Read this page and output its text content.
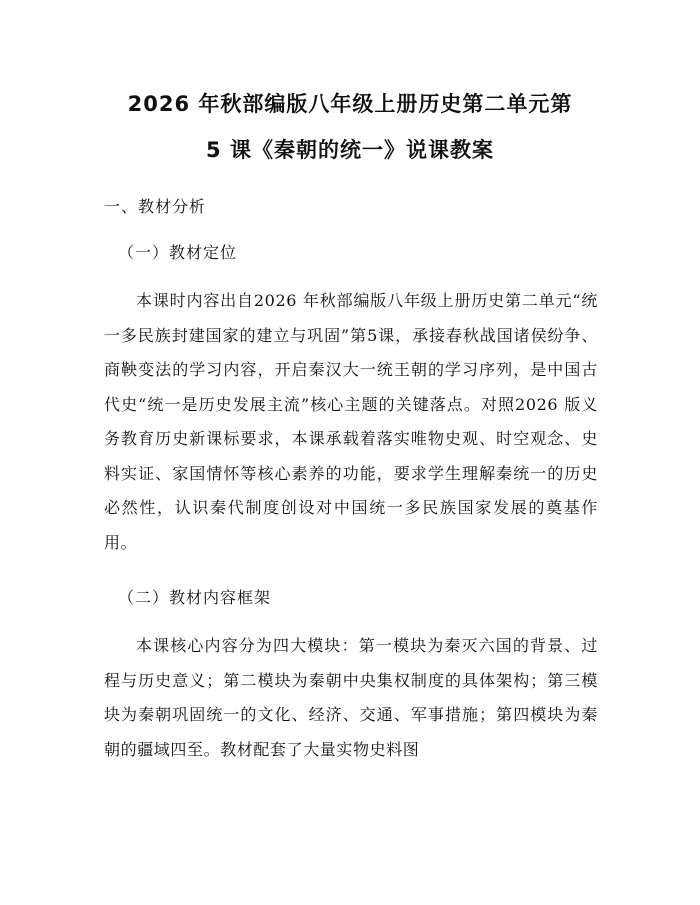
2026 年秋部编版八年级上册历史第二单元第
5 课《秦朝的统一》说课教案
一、教材分析
（一）教材定位
本课时内容出自2026 年秋部编版八年级上册历史第二单元“统一多民族封建国家的建立与巩固”第5课，承接春秋战国诸侯纷争、商鞅变法的学习内容，开启秦汉大一统王朝的学习序列，是中国古代史“统一是历史发展主流”核心主题的关键落点。对照2026 版义务教育历史新课标要求，本课承载着落实唯物史观、时空观念、史料实证、家国情怀等核心素养的功能，要求学生理解秦统一的历史必然性，认识秦代制度创设对中国统一多民族国家发展的奠基作用。
（二）教材内容框架
本课核心内容分为四大模块：第一模块为秦灭六国的背景、过程与历史意义；第二模块为秦朝中央集权制度的具体架构；第三模块为秦朝巩固统一的文化、经济、交通、军事措施；第四模块为秦朝的疆域四至。教材配套了大量实物史料图
